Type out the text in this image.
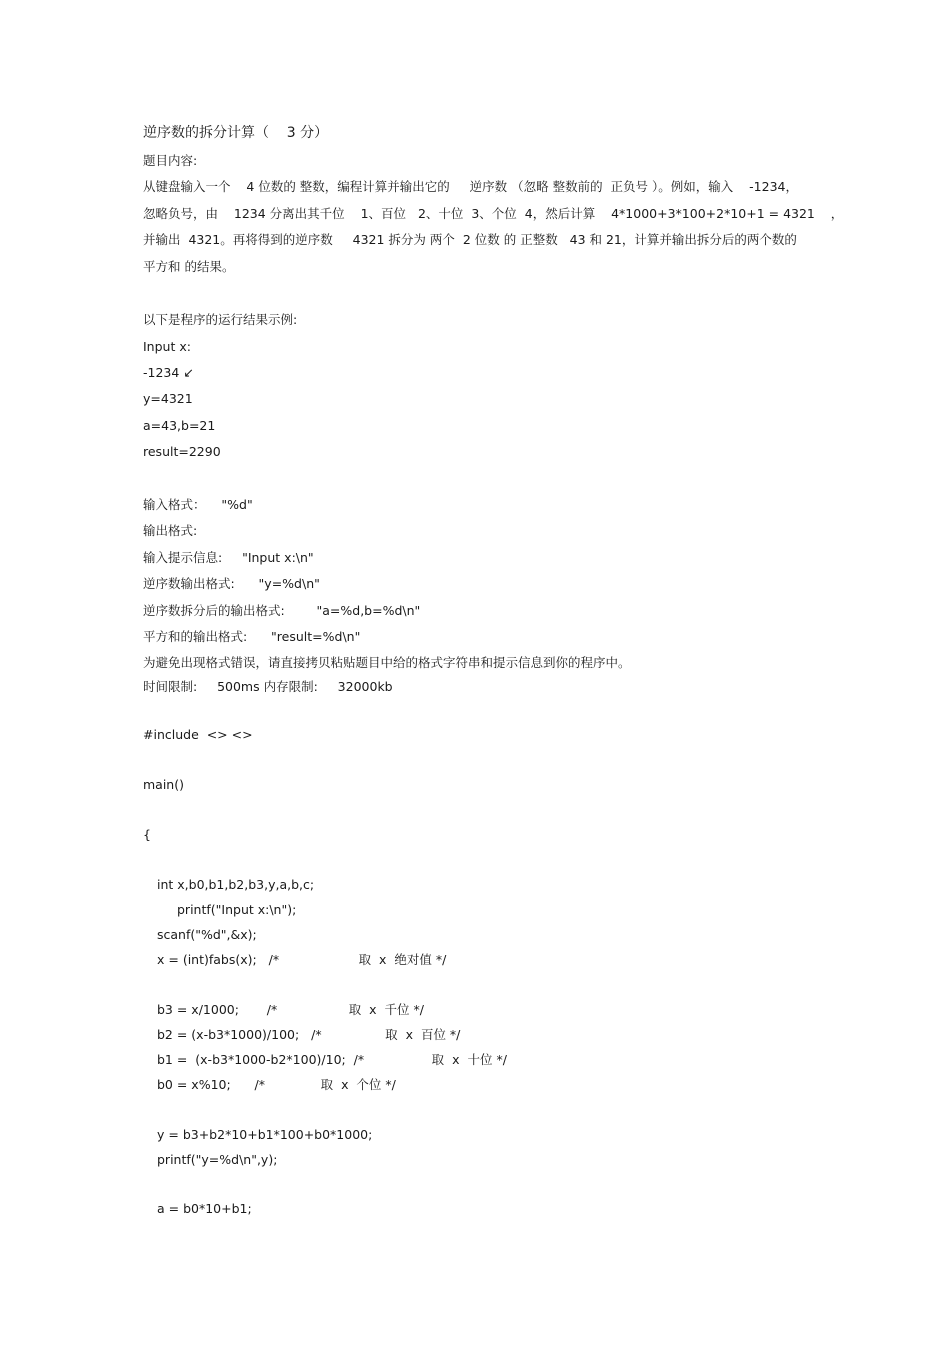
逆序数的拆分计算（    3 分）
题目内容:
从键盘输入一个    4 位数的 整数，编程计算并输出它的     逆序数 （忽略 整数前的  正负号 ）。例如，输入    -1234，
忽略负号，由    1234 分离出其千位    1、百位   2、十位  3、个位  4，然后计算    4*1000+3*100+2*10+1 = 4321    ，
并输出  4321。再将得到的逆序数     4321 拆分为 两个  2 位数 的 正整数   43 和 21，计算并输出拆分后的两个数的
平方和 的结果。
以下是程序的运行结果示例:
Input x:
-1234 ↙
y=4321
a=43,b=21
result=2290
输入格式：    "%d"
输出格式:
输入提示信息:     "Input x:\n"
逆序数输出格式:      "y=%d\n"
逆序数拆分后的输出格式:        "a=%d,b=%d\n"
平方和的输出格式:      "result=%d\n"
为避免出现格式错误，请直接拷贝粘贴题目中给的格式字符串和提示信息到你的程序中。
时间限制:     500ms 内存限制:     32000kb
#include  <> <>
main()
{
int x,b0,b1,b2,b3,y,a,b,c;
printf("Input x:\n");
scanf("%d",&x);
x = (int)fabs(x);   /*                    取  x  绝对值 */
b3 = x/1000;       /*                  取  x  千位 */
b2 = (x-b3*1000)/100;   /*                取  x  百位 */
b1 =  (x-b3*1000-b2*100)/10;  /*                 取  x  十位 */
b0 = x%10;      /*              取  x  个位 */
y = b3+b2*10+b1*100+b0*1000;
printf("y=%d\n",y);
a = b0*10+b1;
